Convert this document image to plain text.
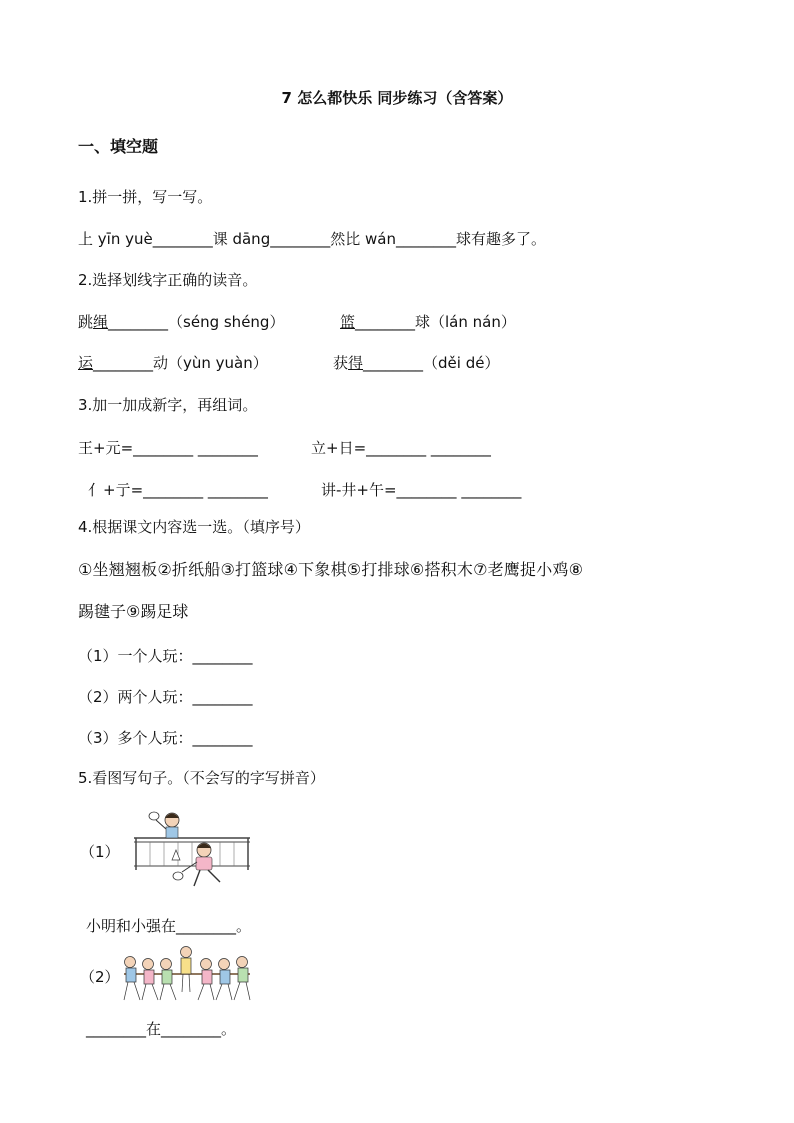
7 怎么都快乐 同步练习（含答案）
一、填空题
1.拼一拼，写一写。
上 yīn yuè________课 dāng________然比 wán________球有趣多了。
2.选择划线字正确的读音。
跳绳________（séng shéng）	篮________球（lán nán）
运________动（yùn yuàn）	获得________（děi dé）
3.加一加成新字，再组词。
王+元=________ ________	立+日=________ ________
亻+亍=________ ________	讲-井+午=________ ________
4.根据课文内容选一选。（填序号）
①坐翘翘板②折纸船③打篮球④下象棋⑤打排球⑥搭积木⑦老鹰捉小鸡⑧
踢毽子⑨踢足球
（1）一个人玩：________
（2）两个人玩：________
（3）多个人玩：________
5.看图写句子。（不会写的字写拼音）
（1）
小明和小强在________。
（2）
________在________。
